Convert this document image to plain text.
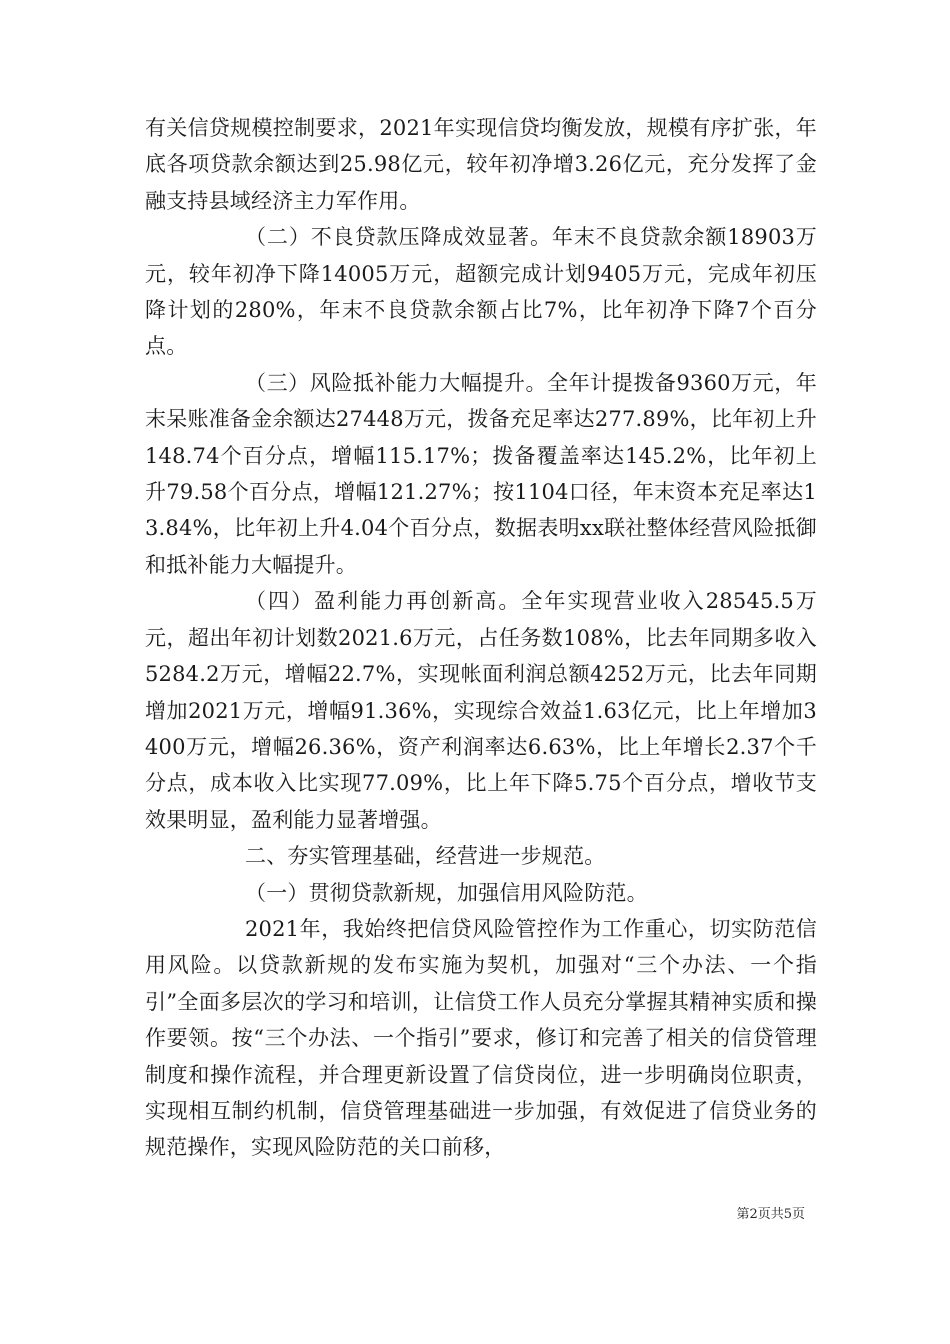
有关信贷规模控制要求，2021年实现信贷均衡发放，规模有序扩张，年底各项贷款余额达到25.98亿元，较年初净增3.26亿元，充分发挥了金融支持县域经济主力军作用。

（二）不良贷款压降成效显著。年末不良贷款余额18903万元，较年初净下降14005万元，超额完成计划9405万元，完成年初压降计划的280%，年末不良贷款余额占比7%，比年初净下降7个百分点。

（三）风险抵补能力大幅提升。全年计提拨备9360万元，年末呆账准备金余额达27448万元，拨备充足率达277.89%，比年初上升148.74个百分点，增幅115.17%；拨备覆盖率达145.2%，比年初上升79.58个百分点，增幅121.27%；按1104口径，年末资本充足率达13.84%，比年初上升4.04个百分点，数据表明xx联社整体经营风险抵御和抵补能力大幅提升。

（四）盈利能力再创新高。全年实现营业收入28545.5万元，超出年初计划数2021.6万元，占任务数108%，比去年同期多收入5284.2万元，增幅22.7%，实现帐面利润总额4252万元，比去年同期增加2021万元，增幅91.36%，实现综合效益1.63亿元，比上年增加3400万元，增幅26.36%，资产利润率达6.63%，比上年增长2.37个千分点，成本收入比实现77.09%，比上年下降5.75个百分点，增收节支效果明显，盈利能力显著增强。

二、夯实管理基础，经营进一步规范。

（一）贯彻贷款新规，加强信用风险防范。

2021年，我始终把信贷风险管控作为工作重心，切实防范信用风险。以贷款新规的发布实施为契机，加强对“三个办法、一个指引”全面多层次的学习和培训，让信贷工作人员充分掌握其精神实质和操作要领。按“三个办法、一个指引”要求，修订和完善了相关的信贷管理制度和操作流程，并合理更新设置了信贷岗位，进一步明确岗位职责，实现相互制约机制，信贷管理基础进一步加强，有效促进了信贷业务的规范操作，实现风险防范的关口前移，

第2页共5页
